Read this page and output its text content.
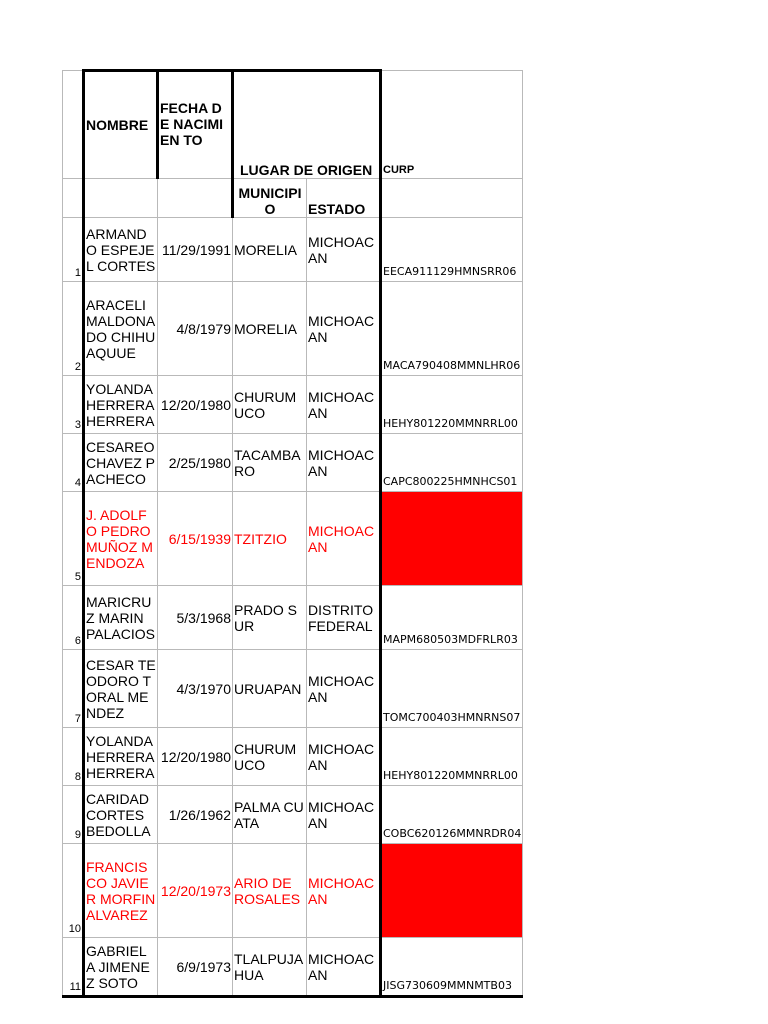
	NOMBRE	FECHA DE NACIMIEN TO	LUGAR DE ORIGEN		CURP
			MUNICIPI O	ESTADO	
1	ARMANDO ESPEJEL CORTES	11/29/1991	MORELIA	MICHOACAN	EECA911129HMNSRR06
2	ARACELI MALDONADO CHIHUAQUUE	4/8/1979	MORELIA	MICHOACAN	MACA790408MMNLHR06
3	YOLANDA HERRERA HERRERA	12/20/1980	CHURUMUCO	MICHOACAN	HEHY801220MMNRRL00
4	CESAREO CHAVEZ PACHECO	2/25/1980	TACAMBARO	MICHOACAN	CAPC800225HMNHCS01
5	J. ADOLFO PEDRO MUÑOZ MENDOZA	6/15/1939	TZITZIO	MICHOACAN	
6	MARICRUZ MARIN PALACIOS	5/3/1968	PRADO SUR	DISTRITO FEDERAL	MAPM680503MDFRLR03
7	CESAR TEODORO TORAL MENDEZ	4/3/1970	URUAPAN	MICHOACAN	TOMC700403HMNRNS07
8	YOLANDA HERRERA HERRERA	12/20/1980	CHURUMUCO	MICHOACAN	HEHY801220MMNRRL00
9	CARIDAD CORTES BEDOLLA	1/26/1962	PALMA CUATA	MICHOACAN	COBC620126MMNRDR04
10	FRANCISCO JAVIER MORFIN ALVAREZ	12/20/1973	ARIO DE ROSALES	MICHOACAN	
11	GABRIELA JIMENEZ SOTO	6/9/1973	TLALPUJAHUA	MICHOACAN	JISG730609MMNMTB03
